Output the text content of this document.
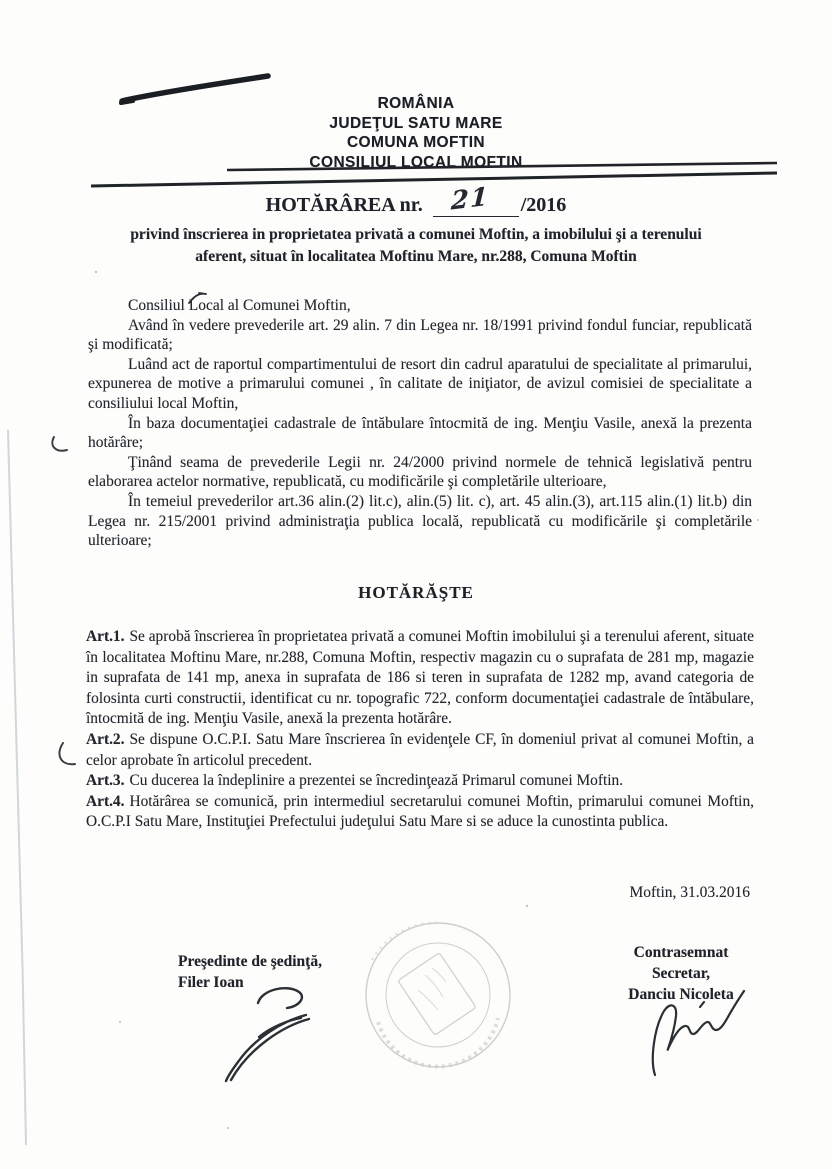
ROMÂNIA
JUDEŢUL SATU MARE
COMUNA MOFTIN
CONSILIUL LOCAL MOFTIN
HOTĂRÂREA nr. 21 /2016
privind înscrierea in proprietatea privată a comunei Moftin, a imobilului şi a terenului
aferent, situat în localitatea Moftinu Mare, nr.288, Comuna Moftin

Consiliul Local al Comunei Moftin,

Având în vedere prevederile art. 29 alin. 7 din Legea nr. 18/1991 privind fondul funciar, republicată şi modificată;

Luând act de raportul compartimentului de resort din cadrul aparatului de specialitate al primarului, expunerea de motive a primarului comunei , în calitate de iniţiator, de avizul comisiei de specialitate a consiliului local Moftin,

În baza documentaţiei cadastrale de întăbulare întocmită de ing. Menţiu Vasile, anexă la prezenta hotărâre;

Ţinând seama de prevederile Legii nr. 24/2000 privind normele de tehnică legislativă pentru elaborarea actelor normative, republicată, cu modificările şi completările ulterioare,

În temeiul prevederilor art.36 alin.(2) lit.c), alin.(5) lit. c), art. 45 alin.(3), art.115 alin.(1) lit.b) din Legea nr. 215/2001 privind administraţia publica locală, republicată cu modificările şi completările ulterioare;

HOTĂRĂŞTE

Art.1. Se aprobă înscrierea în proprietatea privată a comunei Moftin imobilului şi a terenului aferent, situate în localitatea Moftinu Mare, nr.288, Comuna Moftin, respectiv magazin cu o suprafata de 281 mp, magazie in suprafata de 141 mp, anexa in suprafata de 186 si teren in suprafata de 1282 mp, avand categoria de folosinta curti constructii, identificat cu nr. topografic 722, conform documentaţiei cadastrale de întăbulare, întocmită de ing. Menţiu Vasile, anexă la prezenta hotărâre.

Art.2. Se dispune O.C.P.I. Satu Mare înscrierea în evidenţele CF, în domeniul privat al comunei Moftin, a celor aprobate în articolul precedent.

Art.3. Cu ducerea la îndeplinire a prezentei se încredinţează Primarul comunei Moftin.

Art.4. Hotărârea se comunică, prin intermediul secretarului comunei Moftin, primarului comunei Moftin, O.C.P.I Satu Mare, Instituţiei Prefectului judeţului Satu Mare si se aduce la cunostinta publica.

Moftin, 31.03.2016
Preşedinte de şedinţă,
Filer Ioan
Contrasemnat
Secretar,
Danciu Nicoleta
